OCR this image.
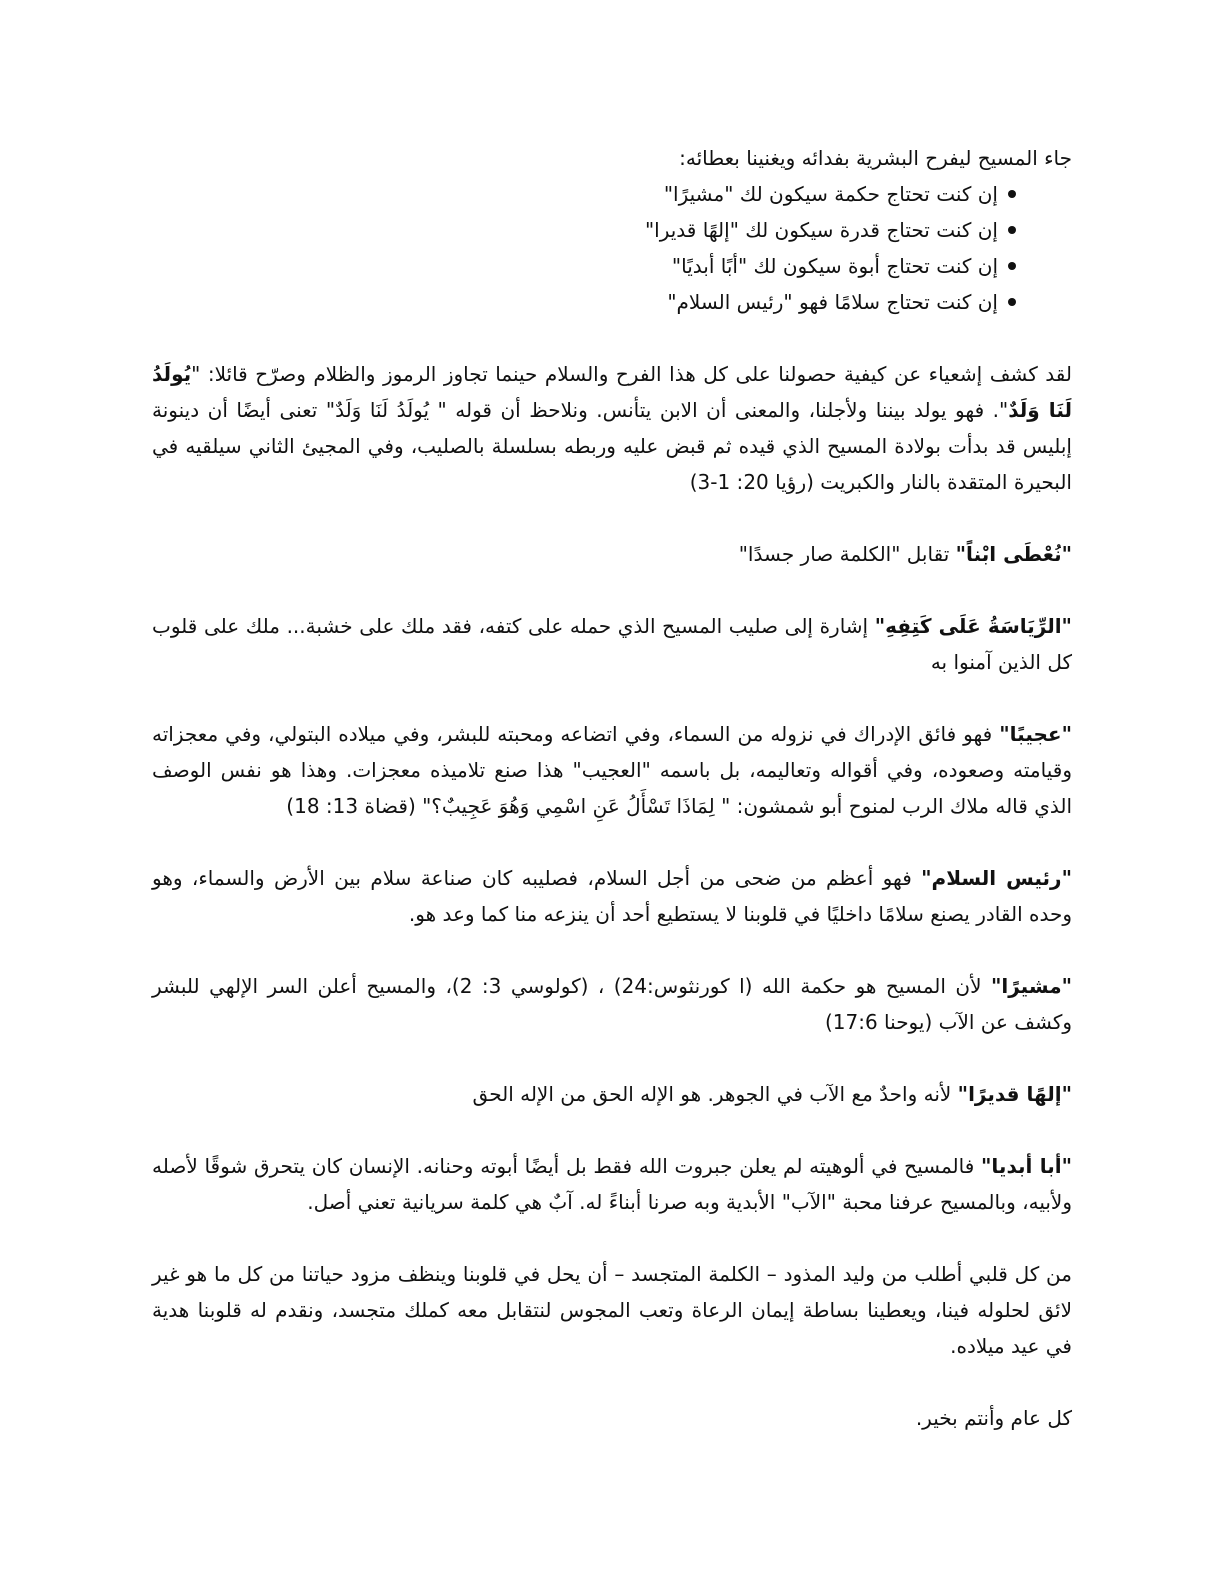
جاء المسيح ليفرح البشرية بفدائه ويغنينا بعطائه:

إن كنت تحتاج حكمة سيكون لك "مشيرًا"
إن كنت تحتاج قدرة سيكون لك "إلهًا قديرا"
إن كنت تحتاج أبوة سيكون لك "أبًا أبديًا"
إن كنت تحتاج سلامًا فهو "رئيس السلام"

لقد كشف إشعياء عن كيفية حصولنا على كل هذا الفرح والسلام حينما تجاوز الرموز والظلام وصرّح قائلا: "يُولَدُ لَنَا وَلَدٌ". فهو يولد بيننا ولأجلنا، والمعنى أن الابن يتأنس. ونلاحظ أن قوله " يُولَدُ لَنَا وَلَدٌ" تعنى أيضًا أن دينونة إبليس قد بدأت بولادة المسيح الذي قيده ثم قبض عليه وربطه بسلسلة بالصليب، وفي المجيئ الثاني سيلقيه في البحيرة المتقدة بالنار والكبريت (رؤيا 20: 1-3)

"نُعْطَى ابْناً" تقابل "الكلمة صار جسدًا"

"الرِّيَاسَةُ عَلَى كَتِفِهِ" إشارة إلى صليب المسيح الذي حمله على كتفه، فقد ملك على خشبة... ملك على قلوب كل الذين آمنوا به

"عجيبًا" فهو فائق الإدراك في نزوله من السماء، وفي اتضاعه ومحبته للبشر، وفي ميلاده البتولي، وفي معجزاته وقيامته وصعوده، وفي أقواله وتعاليمه، بل باسمه "العجيب" هذا صنع تلاميذه معجزات. وهذا هو نفس الوصف الذي قاله ملاك الرب لمنوح أبو شمشون: " لِمَاذَا تَسْأَلُ عَنِ اسْمِي وَهُوَ عَجِيبٌ؟" (قضاة 13: 18)

"رئيس السلام" فهو أعظم من ضحى من أجل السلام، فصليبه كان صناعة سلام بين الأرض والسماء، وهو وحده القادر يصنع سلامًا داخليًا في قلوبنا لا يستطيع أحد أن ينزعه منا كما وعد هو.

"مشيرًا" لأن المسيح هو حكمة الله (ا كورنثوس:24) ، (كولوسي 3: 2)، والمسيح أعلن السر الإلهي للبشر وكشف عن الآب (يوحنا 17:6)

"إلهًا قديرًا" لأنه واحدٌ مع الآب في الجوهر. هو الإله الحق من الإله الحق

"أبا أبديا" فالمسيح في ألوهيته لم يعلن جبروت الله فقط بل أيضًا أبوته وحنانه. الإنسان كان يتحرق شوقًا لأصله ولأبيه، وبالمسيح عرفنا محبة "الآب" الأبدية وبه صرنا أبناءً له. آبٌ هي كلمة سريانية تعني أصل.

من كل قلبي أطلب من وليد المذود – الكلمة المتجسد – أن يحل في قلوبنا وينظف مزود حياتنا من كل ما هو غير لائق لحلوله فينا، ويعطينا بساطة إيمان الرعاة وتعب المجوس لنتقابل معه كملك متجسد، ونقدم له قلوبنا هدية في عيد ميلاده.

كل عام وأنتم بخير.
